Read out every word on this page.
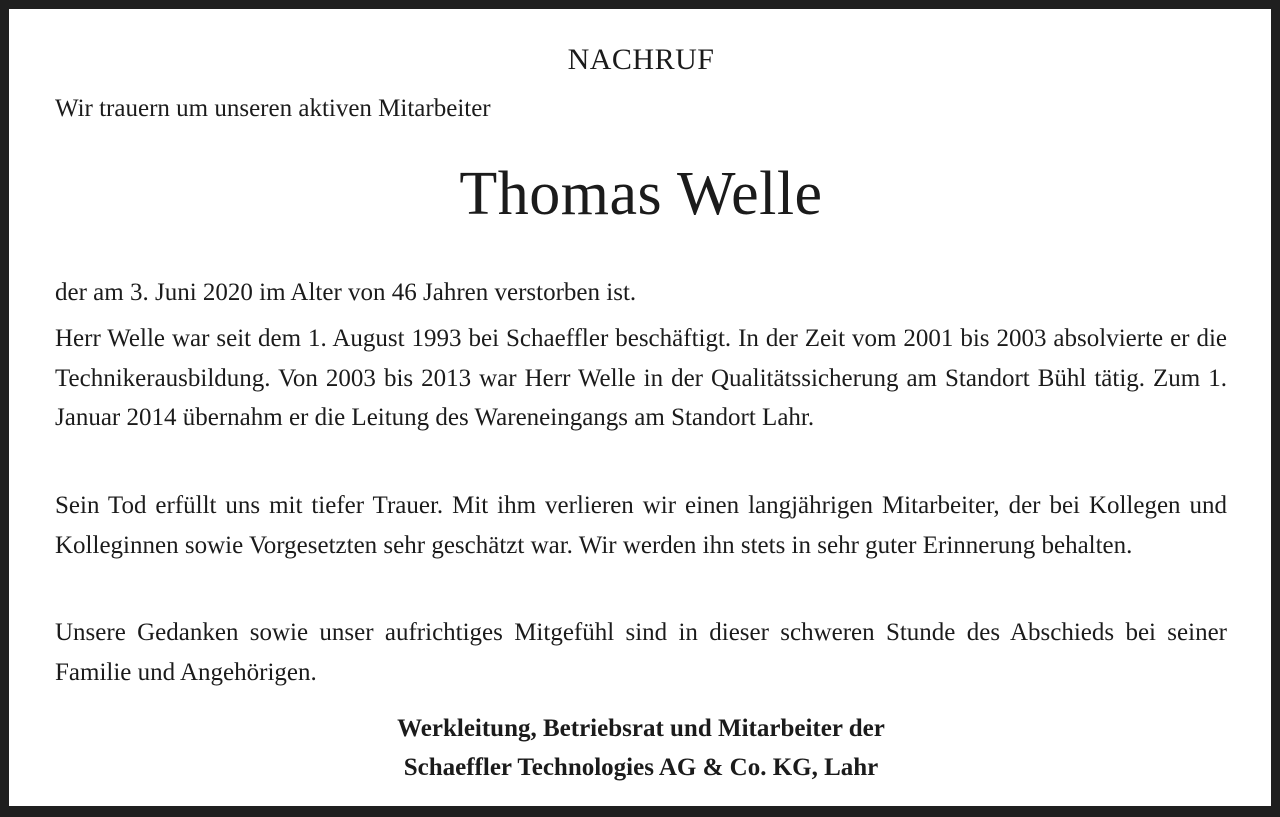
NACHRUF
Wir trauern um unseren aktiven Mitarbeiter
Thomas Welle
der am 3. Juni 2020 im Alter von 46 Jahren verstorben ist.
Herr Welle war seit dem 1. August 1993 bei Schaeffler beschäftigt. In der Zeit vom 2001 bis 2003 absolvierte er die Technikerausbildung. Von 2003 bis 2013 war Herr Welle in der Qualitätssicherung am Standort Bühl tätig. Zum 1. Januar 2014 übernahm er die Leitung des Wareneingangs am Standort Lahr.
Sein Tod erfüllt uns mit tiefer Trauer. Mit ihm verlieren wir einen langjährigen Mitarbeiter, der bei Kollegen und Kolleginnen sowie Vorgesetzten sehr geschätzt war. Wir werden ihn stets in sehr guter Erinnerung behalten.
Unsere Gedanken sowie unser aufrichtiges Mitgefühl sind in dieser schweren Stunde des Abschieds bei seiner Familie und Angehörigen.
Werkleitung, Betriebsrat und Mitarbeiter der
Schaeffler Technologies AG & Co. KG, Lahr
